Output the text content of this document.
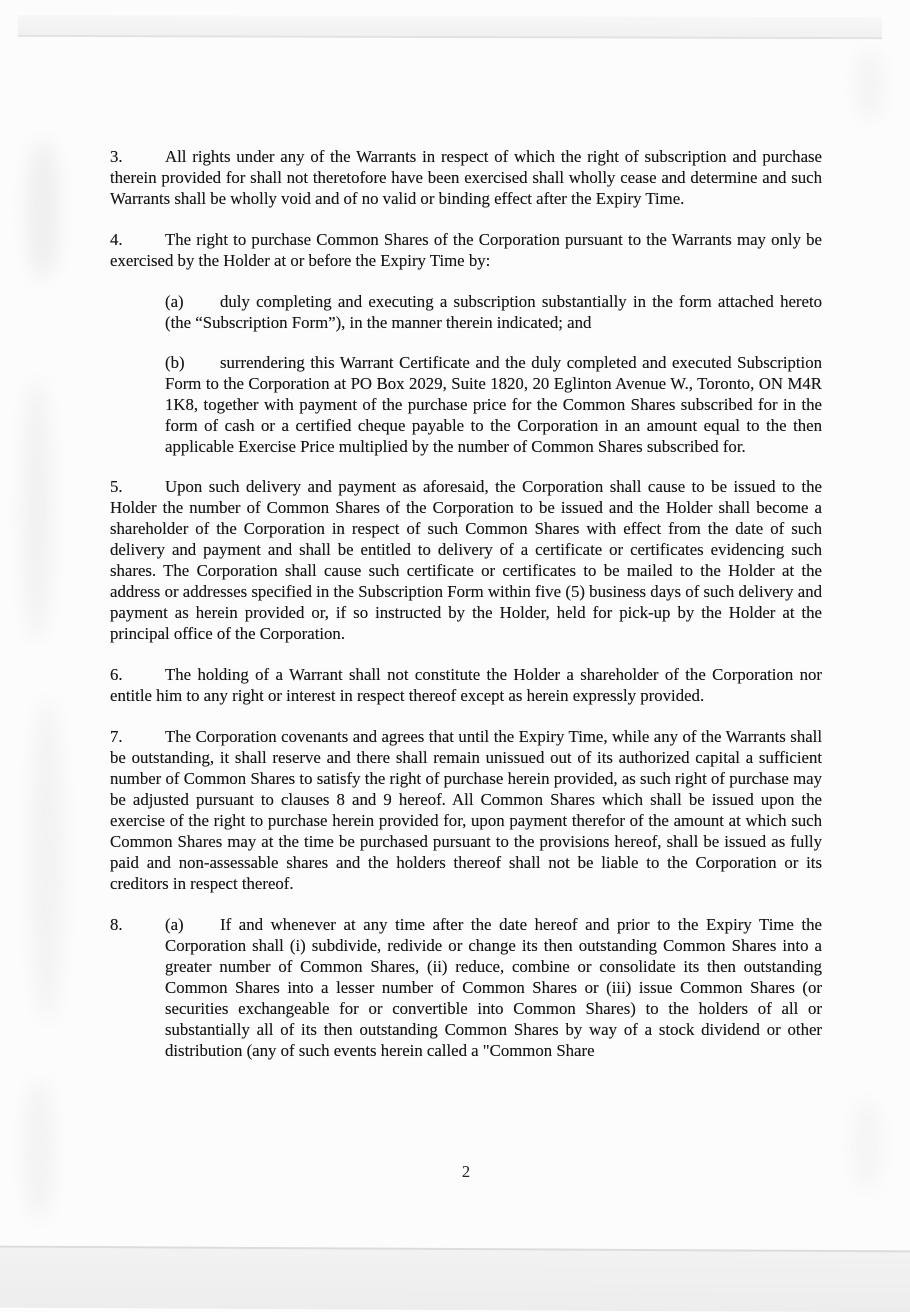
3.	All rights under any of the Warrants in respect of which the right of subscription and purchase therein provided for shall not theretofore have been exercised shall wholly cease and determine and such Warrants shall be wholly void and of no valid or binding effect after the Expiry Time.

4.	The right to purchase Common Shares of the Corporation pursuant to the Warrants may only be exercised by the Holder at or before the Expiry Time by:

(a) duly completing and executing a subscription substantially in the form attached hereto (the “Subscription Form”), in the manner therein indicated; and

(b) surrendering this Warrant Certificate and the duly completed and executed Subscription Form to the Corporation at PO Box 2029, Suite 1820, 20 Eglinton Avenue W., Toronto, ON M4R 1K8, together with payment of the purchase price for the Common Shares subscribed for in the form of cash or a certified cheque payable to the Corporation in an amount equal to the then applicable Exercise Price multiplied by the number of Common Shares subscribed for.

5.	Upon such delivery and payment as aforesaid, the Corporation shall cause to be issued to the Holder the number of Common Shares of the Corporation to be issued and the Holder shall become a shareholder of the Corporation in respect of such Common Shares with effect from the date of such delivery and payment and shall be entitled to delivery of a certificate or certificates evidencing such shares. The Corporation shall cause such certificate or certificates to be mailed to the Holder at the address or addresses specified in the Subscription Form within five (5) business days of such delivery and payment as herein provided or, if so instructed by the Holder, held for pick-up by the Holder at the principal office of the Corporation.

6.	The holding of a Warrant shall not constitute the Holder a shareholder of the Corporation nor entitle him to any right or interest in respect thereof except as herein expressly provided.

7.	The Corporation covenants and agrees that until the Expiry Time, while any of the Warrants shall be outstanding, it shall reserve and there shall remain unissued out of its authorized capital a sufficient number of Common Shares to satisfy the right of purchase herein provided, as such right of purchase may be adjusted pursuant to clauses 8 and 9 hereof. All Common Shares which shall be issued upon the exercise of the right to purchase herein provided for, upon payment therefor of the amount at which such Common Shares may at the time be purchased pursuant to the provisions hereof, shall be issued as fully paid and non-assessable shares and the holders thereof shall not be liable to the Corporation or its creditors in respect thereof.

8.	(a) If and whenever at any time after the date hereof and prior to the Expiry Time the Corporation shall (i) subdivide, redivide or change its then outstanding Common Shares into a greater number of Common Shares, (ii) reduce, combine or consolidate its then outstanding Common Shares into a lesser number of Common Shares or (iii) issue Common Shares (or securities exchangeable for or convertible into Common Shares) to the holders of all or substantially all of its then outstanding Common Shares by way of a stock dividend or other distribution (any of such events herein called a "Common Share

2
